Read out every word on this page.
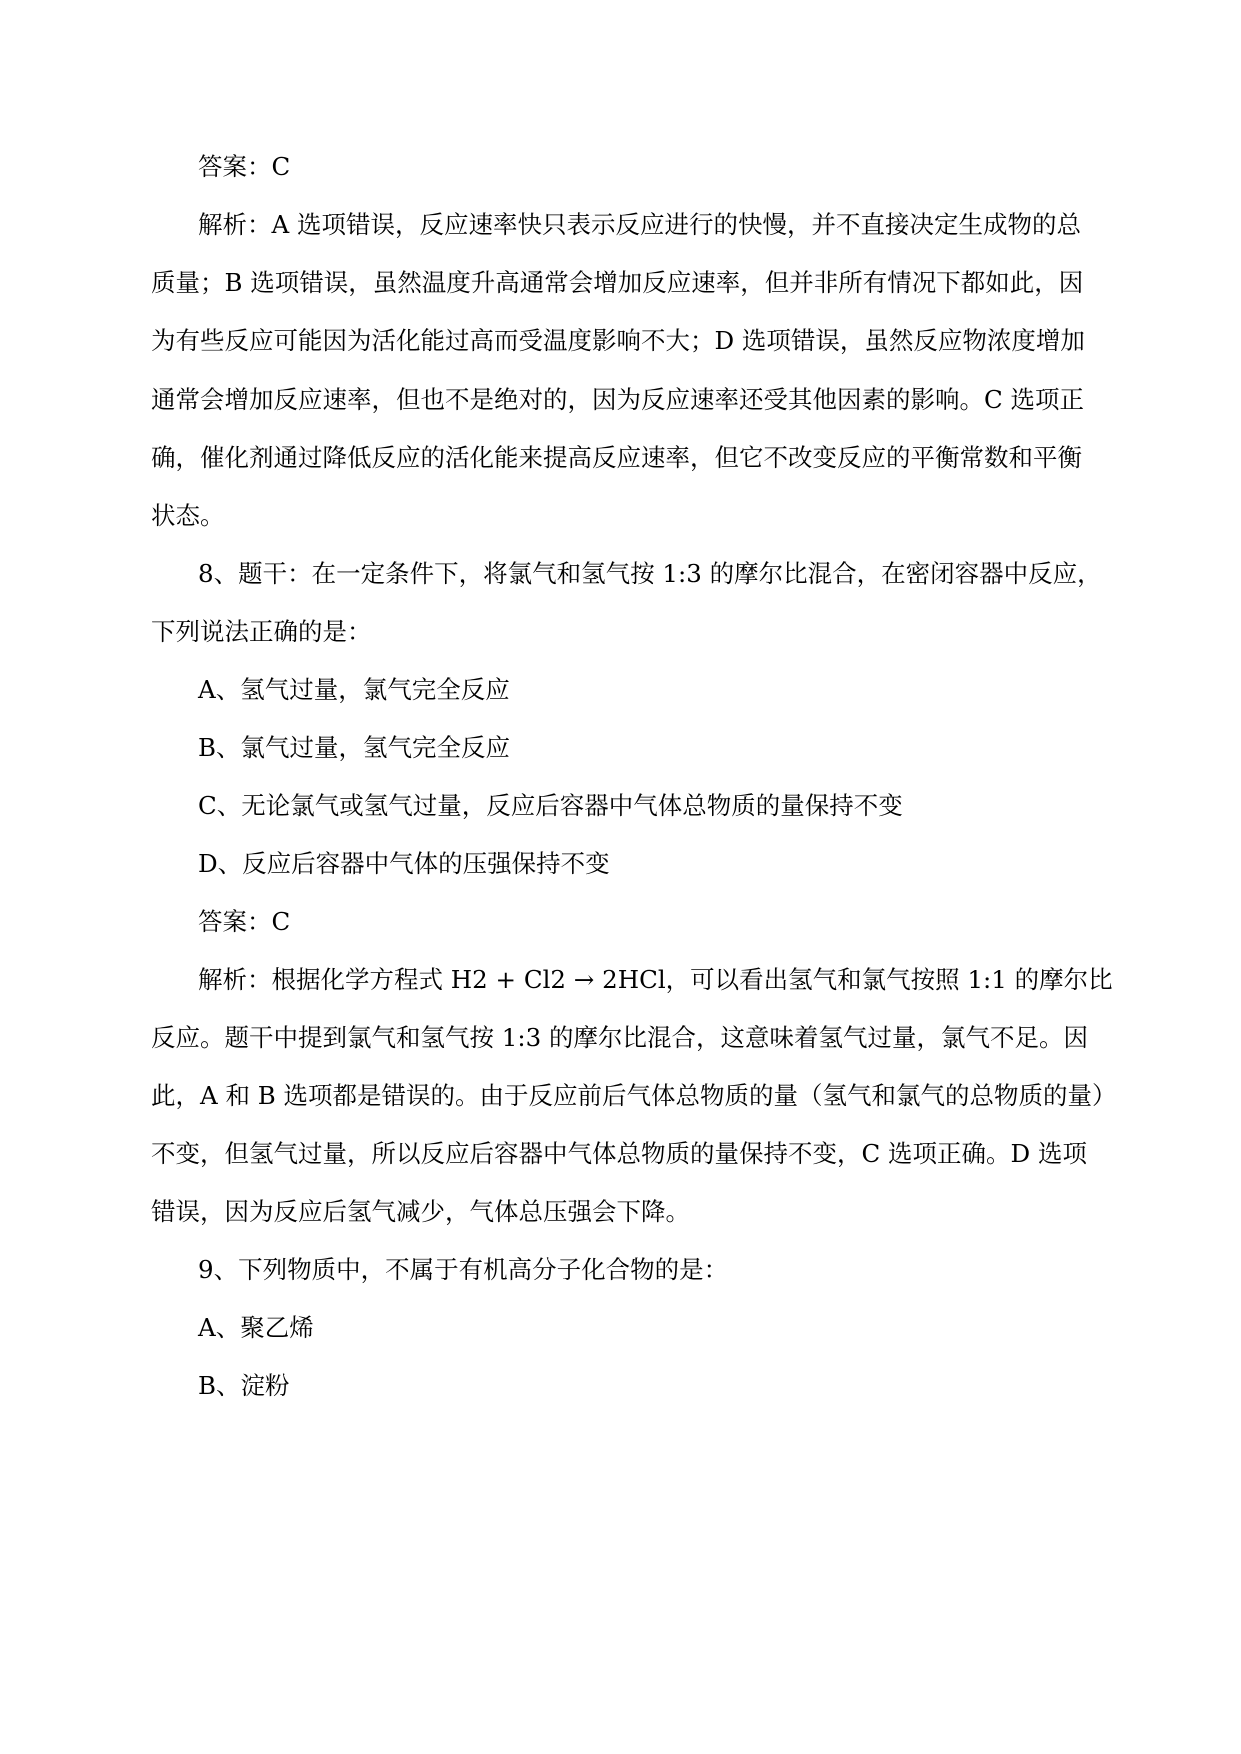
答案：C
解析：A 选项错误，反应速率快只表示反应进行的快慢，并不直接决定生成物的总
质量；B 选项错误，虽然温度升高通常会增加反应速率，但并非所有情况下都如此，因
为有些反应可能因为活化能过高而受温度影响不大；D 选项错误，虽然反应物浓度增加
通常会增加反应速率，但也不是绝对的，因为反应速率还受其他因素的影响。C 选项正
确，催化剂通过降低反应的活化能来提高反应速率，但它不改变反应的平衡常数和平衡
状态。
8、题干：在一定条件下，将氯气和氢气按 1:3 的摩尔比混合，在密闭容器中反应，
下列说法正确的是：
A、氢气过量，氯气完全反应
B、氯气过量，氢气完全反应
C、无论氯气或氢气过量，反应后容器中气体总物质的量保持不变
D、反应后容器中气体的压强保持不变
答案：C
解析：根据化学方程式 H2 + Cl2 → 2HCl，可以看出氢气和氯气按照 1:1 的摩尔比
反应。题干中提到氯气和氢气按 1:3 的摩尔比混合，这意味着氢气过量，氯气不足。因
此，A 和 B 选项都是错误的。由于反应前后气体总物质的量（氢气和氯气的总物质的量）
不变，但氢气过量，所以反应后容器中气体总物质的量保持不变，C 选项正确。D 选项
错误，因为反应后氢气减少，气体总压强会下降。
9、下列物质中，不属于有机高分子化合物的是：
A、聚乙烯
B、淀粉
